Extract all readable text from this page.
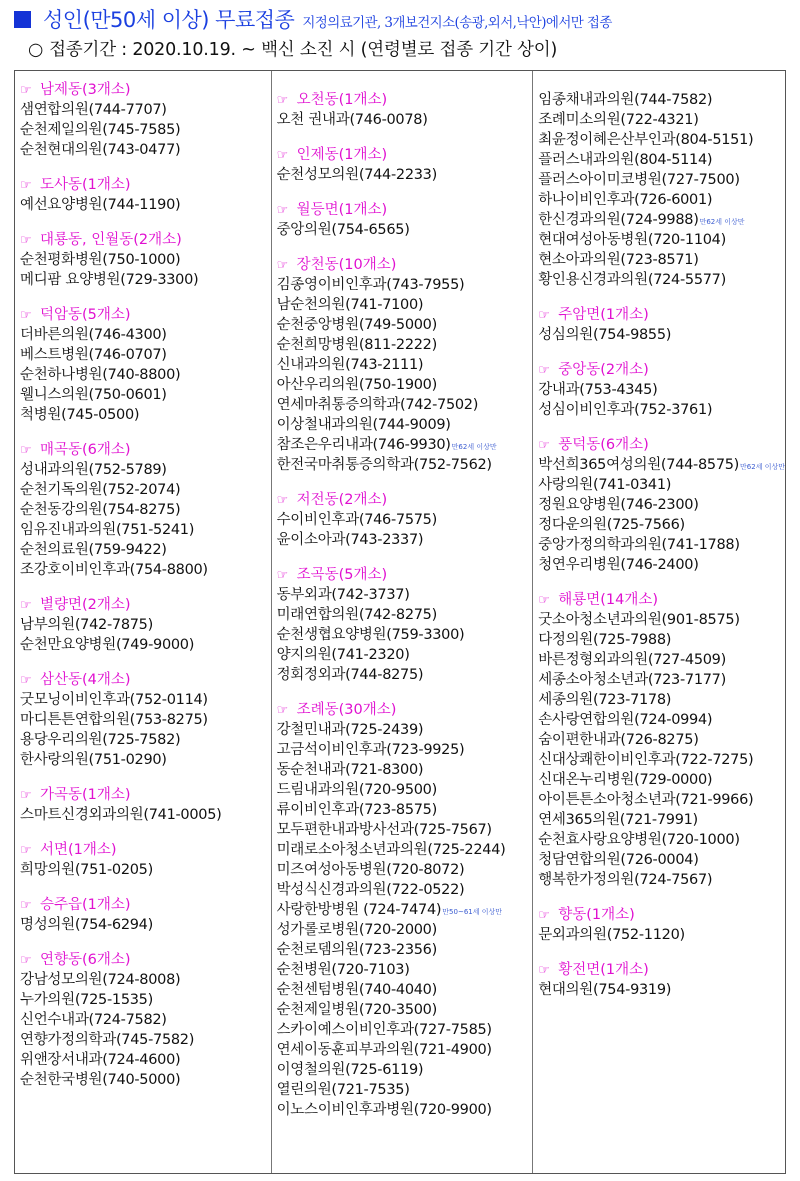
성인(만50세 이상) 무료접종 지정의료기관, 3개보건지소(송광,외서,낙안)에서만 접종
○ 접종기간 : 2020.10.19. ~ 백신 소진 시 (연령별로 접종 기간 상이)
☞ 남제동(3개소)
샘연합의원(744-7707)
순천제일의원(745-7585)
순천현대의원(743-0477)
☞ 도사동(1개소)
예선요양병원(744-1190)
☞ 대룡동, 인월동(2개소)
순천평화병원(750-1000)
메디팜 요양병원(729-3300)
☞ 덕암동(5개소)
더바른의원(746-4300)
베스트병원(746-0707)
순천하나병원(740-8800)
웰니스의원(750-0601)
척병원(745-0500)
☞ 매곡동(6개소)
성내과의원(752-5789)
순천기독의원(752-2074)
순천동강의원(754-8275)
임유진내과의원(751-5241)
순천의료원(759-9422)
조강호이비인후과(754-8800)
☞ 별량면(2개소)
남부의원(742-7875)
순천만요양병원(749-9000)
☞ 삼산동(4개소)
굿모닝이비인후과(752-0114)
마디튼튼연합의원(753-8275)
용당우리의원(725-7582)
한사랑의원(751-0290)
☞ 가곡동(1개소)
스마트신경외과의원(741-0005)
☞ 서면(1개소)
희망의원(751-0205)
☞ 승주읍(1개소)
명성의원(754-6294)
☞ 연향동(6개소)
강남성모의원(724-8008)
누가의원(725-1535)
신언수내과(724-7582)
연향가정의학과(745-7582)
위앤장서내과(724-4600)
순천한국병원(740-5000)
☞ 오천동(1개소)
오천 권내과(746-0078)
☞ 인제동(1개소)
순천성모의원(744-2233)
☞ 월등면(1개소)
중앙의원(754-6565)
☞ 장천동(10개소)
김종영이비인후과(743-7955)
남순천의원(741-7100)
순천중앙병원(749-5000)
순천희망병원(811-2222)
신내과의원(743-2111)
아산우리의원(750-1900)
연세마취통증의학과(742-7502)
이상철내과의원(744-9009)
참조은우리내과(746-9930)만62세 이상만
한전국마취통증의학과(752-7562)
☞ 저전동(2개소)
수이비인후과(746-7575)
윤이소아과(743-2337)
☞ 조곡동(5개소)
동부외과(742-3737)
미래연합의원(742-8275)
순천생협요양병원(759-3300)
양지의원(741-2320)
정회정외과(744-8275)
☞ 조례동(30개소)
강철민내과(725-2439)
고금석이비인후과(723-9925)
동순천내과(721-8300)
드림내과의원(720-9500)
류이비인후과(723-8575)
모두편한내과방사선과(725-7567)
미래로소아청소년과의원(725-2244)
미즈여성아동병원(720-8072)
박성식신경과의원(722-0522)
사랑한방병원 (724-7474)만50~61세 이상만
성가롤로병원(720-2000)
순천로뎀의원(723-2356)
순천병원(720-7103)
순천센텀병원(740-4040)
순천제일병원(720-3500)
스카이예스이비인후과(727-7585)
연세이동훈피부과의원(721-4900)
이영철의원(725-6119)
열린의원(721-7535)
이노스이비인후과병원(720-9900)
임종채내과의원(744-7582)
조례미소의원(722-4321)
최윤정이혜은산부인과(804-5151)
플러스내과의원(804-5114)
플러스아이미코병원(727-7500)
하나이비인후과(726-6001)
한신경과의원(724-9988)만62세 이상만
현대여성아동병원(720-1104)
현소아과의원(723-8571)
황인용신경과의원(724-5577)
☞ 주암면(1개소)
성심의원(754-9855)
☞ 중앙동(2개소)
강내과(753-4345)
성심이비인후과(752-3761)
☞ 풍덕동(6개소)
박선희365여성의원(744-8575)만62세 이상만
사랑의원(741-0341)
정원요양병원(746-2300)
정다운의원(725-7566)
중앙가정의학과의원(741-1788)
청연우리병원(746-2400)
☞ 해룡면(14개소)
굿소아청소년과의원(901-8575)
다정의원(725-7988)
바른정형외과의원(727-4509)
세종소아청소년과(723-7177)
세종의원(723-7178)
손사랑연합의원(724-0994)
숨이편한내과(726-8275)
신대상쾌한이비인후과(722-7275)
신대온누리병원(729-0000)
아이튼튼소아청소년과(721-9966)
연세365의원(721-7991)
순천효사랑요양병원(720-1000)
청담연합의원(726-0004)
행복한가정의원(724-7567)
☞ 향동(1개소)
문외과의원(752-1120)
☞ 황전면(1개소)
현대의원(754-9319)
